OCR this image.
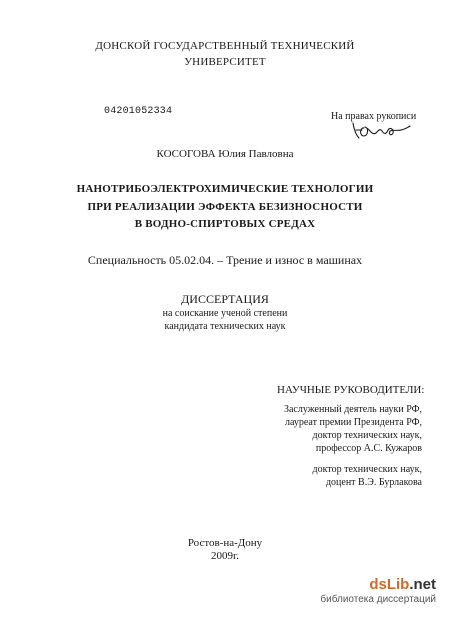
ДОНСКОЙ ГОСУДАРСТВЕННЫЙ ТЕХНИЧЕСКИЙ
УНИВЕРСИТЕТ
04201052334	На правах рукописи
КОСОГОВА Юлия Павловна
НАНОТРИБОЭЛЕКТРОХИМИЧЕСКИЕ ТЕХНОЛОГИИ
ПРИ РЕАЛИЗАЦИИ ЭФФЕКТА БЕЗИЗНОСНОСТИ
В ВОДНО-СПИРТОВЫХ СРЕДАХ
Специальность 05.02.04. – Трение и износ в машинах
ДИССЕРТАЦИЯ
на соискание ученой степени
кандидата технических наук
НАУЧНЫЕ РУКОВОДИТЕЛИ:
Заслуженный деятель науки РФ,
лауреат премии Президента РФ,
доктор технических наук,
профессор А.С. Кужаров
доктор технических наук,
доцент В.Э. Бурлакова
Ростов-на-Дону
2009г.
dsLib.net
библиотека диссертаций
